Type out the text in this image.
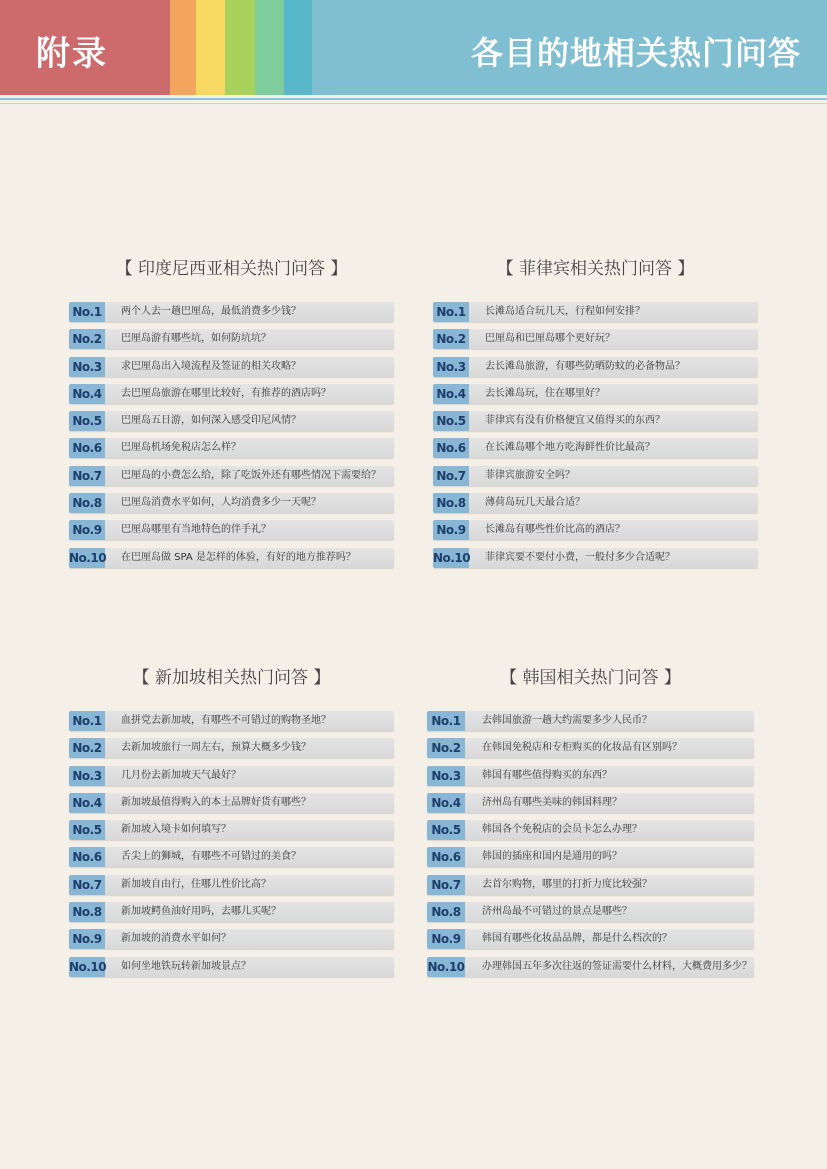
附录	各目的地相关热门问答
【 印度尼西亚相关热门问答 】
No.1	两个人去一趟巴厘岛，最低消费多少钱？
No.2	巴厘岛游有哪些坑，如何防坑坑？
No.3	求巴厘岛出入境流程及签证的相关攻略？
No.4	去巴厘岛旅游在哪里比较好，有推荐的酒店吗？
No.5	巴厘岛五日游，如何深入感受印尼风情？
No.6	巴厘岛机场免税店怎么样？
No.7	巴厘岛的小费怎么给，除了吃饭外还有哪些情况下需要给？
No.8	巴厘岛消费水平如何，人均消费多少一天呢？
No.9	巴厘岛哪里有当地特色的伴手礼？
No.10 在巴厘岛做 SPA 是怎样的体验，有好的地方推荐吗？
【 菲律宾相关热门问答 】
No.1	长滩岛适合玩几天，行程如何安排？
No.2	巴厘岛和巴厘岛哪个更好玩？
No.3	去长滩岛旅游，有哪些防晒防蚊的必备物品？
No.4	去长滩岛玩，住在哪里好？
No.5	菲律宾有没有价格便宜又值得买的东西？
No.6	在长滩岛哪个地方吃海鲜性价比最高？
No.7	菲律宾旅游安全吗？
No.8	薄荷岛玩几天最合适？
No.9	长滩岛有哪些性价比高的酒店？
No.10 菲律宾要不要付小费，一般付多少合适呢？
【 新加坡相关热门问答 】
No.1	血拼党去新加坡，有哪些不可错过的购物圣地？
No.2	去新加坡旅行一周左右，预算大概多少钱？
No.3	几月份去新加坡天气最好？
No.4	新加坡最值得购入的本土品牌好货有哪些？
No.5	新加坡入境卡如何填写？
No.6	舌尖上的狮城，有哪些不可错过的美食？
No.7	新加坡自由行，住哪儿性价比高？
No.8	新加坡鳄鱼油好用吗，去哪儿买呢？
No.9	新加坡的消费水平如何？
No.10 如何坐地铁玩转新加坡景点？
【 韩国相关热门问答 】
No.1	去韩国旅游一趟大约需要多少人民币？
No.2	在韩国免税店和专柜购买的化妆品有区别吗？
No.3	韩国有哪些值得购买的东西？
No.4	济州岛有哪些美味的韩国料理？
No.5	韩国各个免税店的会员卡怎么办理？
No.6	韩国的插座和国内是通用的吗？
No.7	去首尔购物，哪里的打折力度比较强？
No.8	济州岛最不可错过的景点是哪些？
No.9	韩国有哪些化妆品品牌，都是什么档次的？
No.10 办理韩国五年多次往返的签证需要什么材料，大概费用多少？
